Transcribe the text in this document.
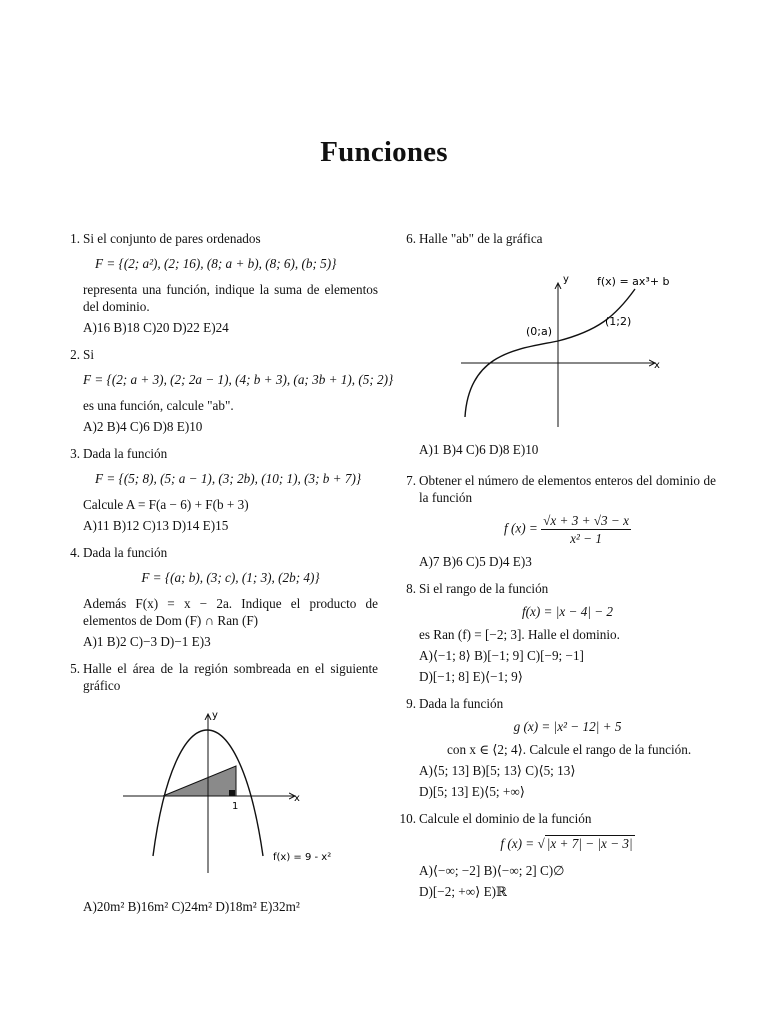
Funciones
1. Si el conjunto de pares ordenados
F = {(2; a²), (2; 16), (8; a + b), (8; 6), (b; 5)}
representa una función, indique la suma de elementos del dominio.
A)16 B)18 C)20 D)22 E)24
2. Si
F = {(2; a + 3), (2; 2a − 1), (4; b + 3), (a; 3b + 1), (5; 2)}
es una función, calcule "ab".
A)2 B)4 C)6 D)8 E)10
3. Dada la función
F = {(5; 8), (5; a − 1), (3; 2b), (10; 1), (3; b + 7)}
Calcule A = F(a − 6) + F(b + 3)
A)11 B)12 C)13 D)14 E)15
4. Dada la función
F = {(a; b), (3; c), (1; 3), (2b; 4)}
Además F(x) = x − 2a. Indique el producto de elementos de Dom (F) ∩ Ran (F)
A)1 B)2 C)−3 D)−1 E)3
5. Halle el área de la región sombreada en el siguiente gráfico
x
y
1
f(x) = 9 - x²
A)20m² B)16m² C)24m² D)18m² E)32m²
6. Halle "ab" de la gráfica
x
y	f(x) = ax³+ b
(0;a)
(1;2)
A)1 B)4 C)6 D)8 E)10
7. Obtener el número de elementos enteros del dominio de la función
f $(x) = \frac{√x + 3 + √3 - x}{\text{x² − 1}}$
A)7 B)6 C)5 D)4 E)3
8. Si el rango de la función
f(x) = |x − 4| − 2
es Ran (f) = [−2; 3]. Halle el dominio.
A)⟨−1; 8⟩ B)[−1; 9] C)[−9; −1]
D)[−1; 8] E)⟨−1; 9⟩
9. Dada la función
g (x) = |x² − 12| + 5
con x ∈ ⟨2; 4⟩. Calcule el rango de la función.
A)⟨5; 13] B)[5; 13⟩ C)⟨5; 13⟩
D)[5; 13] E)⟨5; +∞⟩
10. Calcule el dominio de la función
f (x) = √ |x + 7| − |x − 3|
A)⟨−∞; −2] B)⟨−∞; 2] C)∅
D)[−2; +∞⟩ E)ℝ
